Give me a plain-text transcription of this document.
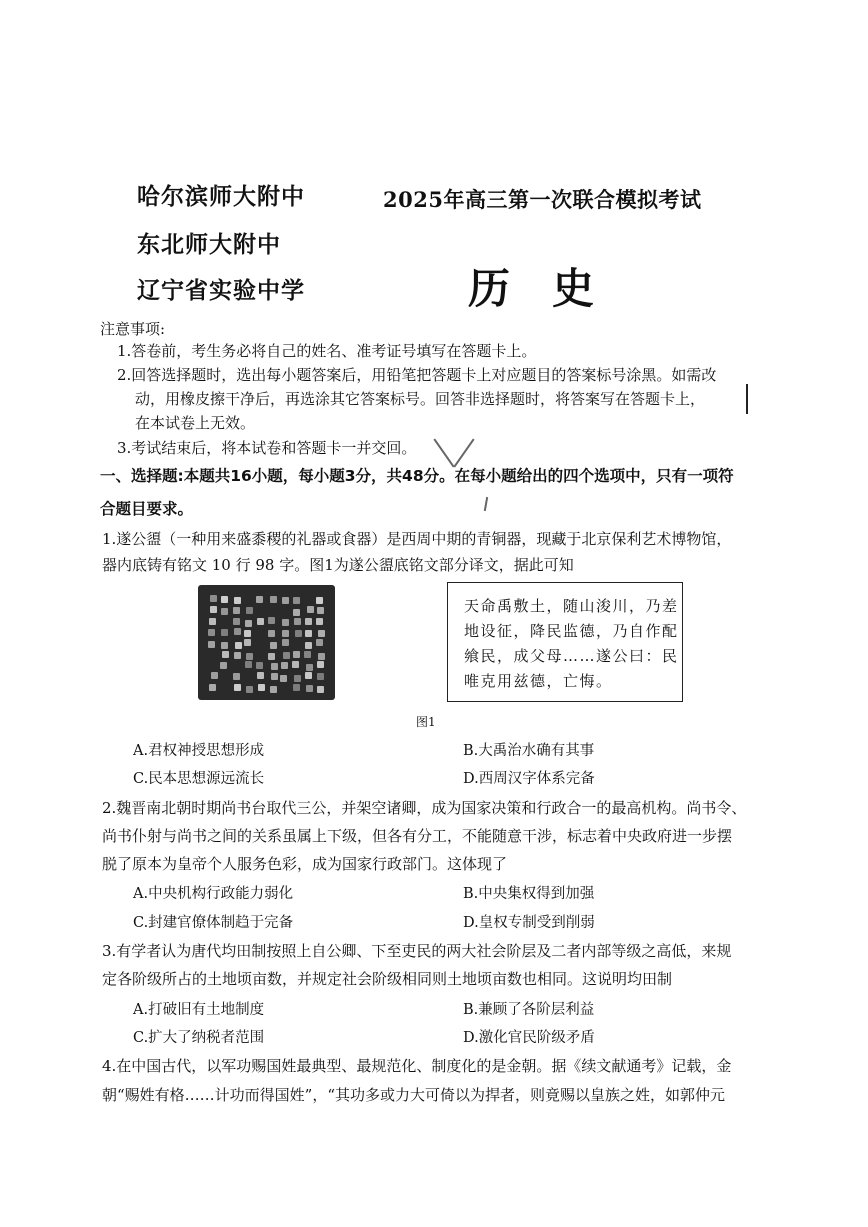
哈尔滨师大附中
东北师大附中
辽宁省实验中学
2025年高三第一次联合模拟考试
历史
注意事项:
1.答卷前，考生务必将自己的姓名、准考证号填写在答题卡上。
2.回答选择题时，选出每小题答案后，用铅笔把答题卡上对应题目的答案标号涂黑。如需改
动，用橡皮擦干净后，再选涂其它答案标号。回答非选择题时，将答案写在答题卡上，
在本试卷上无效。
3.考试结束后，将本试卷和答题卡一并交回。
一、选择题:本题共16小题，每小题3分，共48分。在每小题给出的四个选项中，只有一项符
合题目要求。
1.遂公盨（一种用来盛黍稷的礼器或食器）是西周中期的青铜器，现藏于北京保利艺术博物馆，
器内底铸有铭文 10 行 98 字。图1为遂公盨底铭文部分译文，据此可知
天命禹敷土，随山浚川，乃差
地设征，降民监德，乃自作配
飨民，成父母……遂公曰：民
唯克用兹德，亡悔。
图1
A.君权神授思想形成	B.大禹治水确有其事
C.民本思想源远流长	D.西周汉字体系完备
2.魏晋南北朝时期尚书台取代三公，并架空诸卿，成为国家决策和行政合一的最高机构。尚书令、
尚书仆射与尚书之间的关系虽属上下级，但各有分工，不能随意干涉，标志着中央政府进一步摆
脱了原本为皇帝个人服务色彩，成为国家行政部门。这体现了
A.中央机构行政能力弱化	B.中央集权得到加强
C.封建官僚体制趋于完备	D.皇权专制受到削弱
3.有学者认为唐代均田制按照上自公卿、下至吏民的两大社会阶层及二者内部等级之高低，来规
定各阶级所占的土地顷亩数，并规定社会阶级相同则土地顷亩数也相同。这说明均田制
A.打破旧有土地制度	B.兼顾了各阶层利益
C.扩大了纳税者范围	D.激化官民阶级矛盾
4.在中国古代，以军功赐国姓最典型、最规范化、制度化的是金朝。据《续文献通考》记载，金
朝“赐姓有格……计功而得国姓”，“其功多或力大可倚以为捍者，则竟赐以皇族之姓，如郭仲元
